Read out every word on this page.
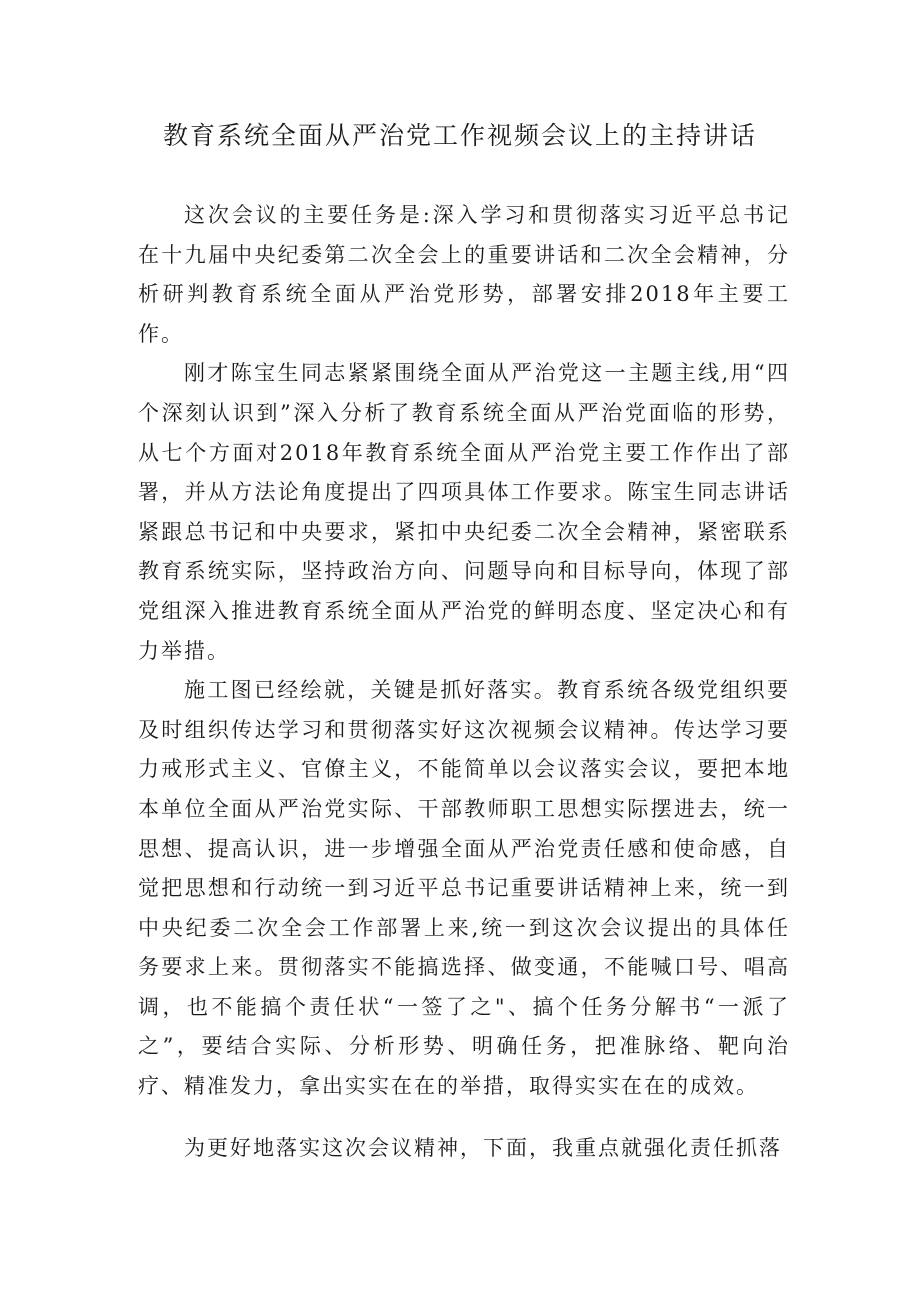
教育系统全面从严治党工作视频会议上的主持讲话

这次会议的主要任务是:深入学习和贯彻落实习近平总书记在十九届中央纪委第二次全会上的重要讲话和二次全会精神，分析研判教育系统全面从严治党形势，部署安排2018年主要工作。

刚才陈宝生同志紧紧围绕全面从严治党这一主题主线,用“四个深刻认识到”深入分析了教育系统全面从严治党面临的形势，从七个方面对2018年教育系统全面从严治党主要工作作出了部署，并从方法论角度提出了四项具体工作要求。陈宝生同志讲话紧跟总书记和中央要求，紧扣中央纪委二次全会精神，紧密联系教育系统实际，坚持政治方向、问题导向和目标导向，体现了部党组深入推进教育系统全面从严治党的鲜明态度、坚定决心和有力举措。

施工图已经绘就，关键是抓好落实。教育系统各级党组织要及时组织传达学习和贯彻落实好这次视频会议精神。传达学习要力戒形式主义、官僚主义，不能简单以会议落实会议，要把本地本单位全面从严治党实际、干部教师职工思想实际摆进去，统一思想、提高认识，进一步增强全面从严治党责任感和使命感，自觉把思想和行动统一到习近平总书记重要讲话精神上来，统一到中央纪委二次全会工作部署上来,统一到这次会议提出的具体任务要求上来。贯彻落实不能搞选择、做变通，不能喊口号、唱高调，也不能搞个责任状“一签了之"、搞个任务分解书“一派了之”，要结合实际、分析形势、明确任务，把准脉络、靶向治疗、精准发力，拿出实实在在的举措，取得实实在在的成效。

为更好地落实这次会议精神，下面，我重点就强化责任抓落
